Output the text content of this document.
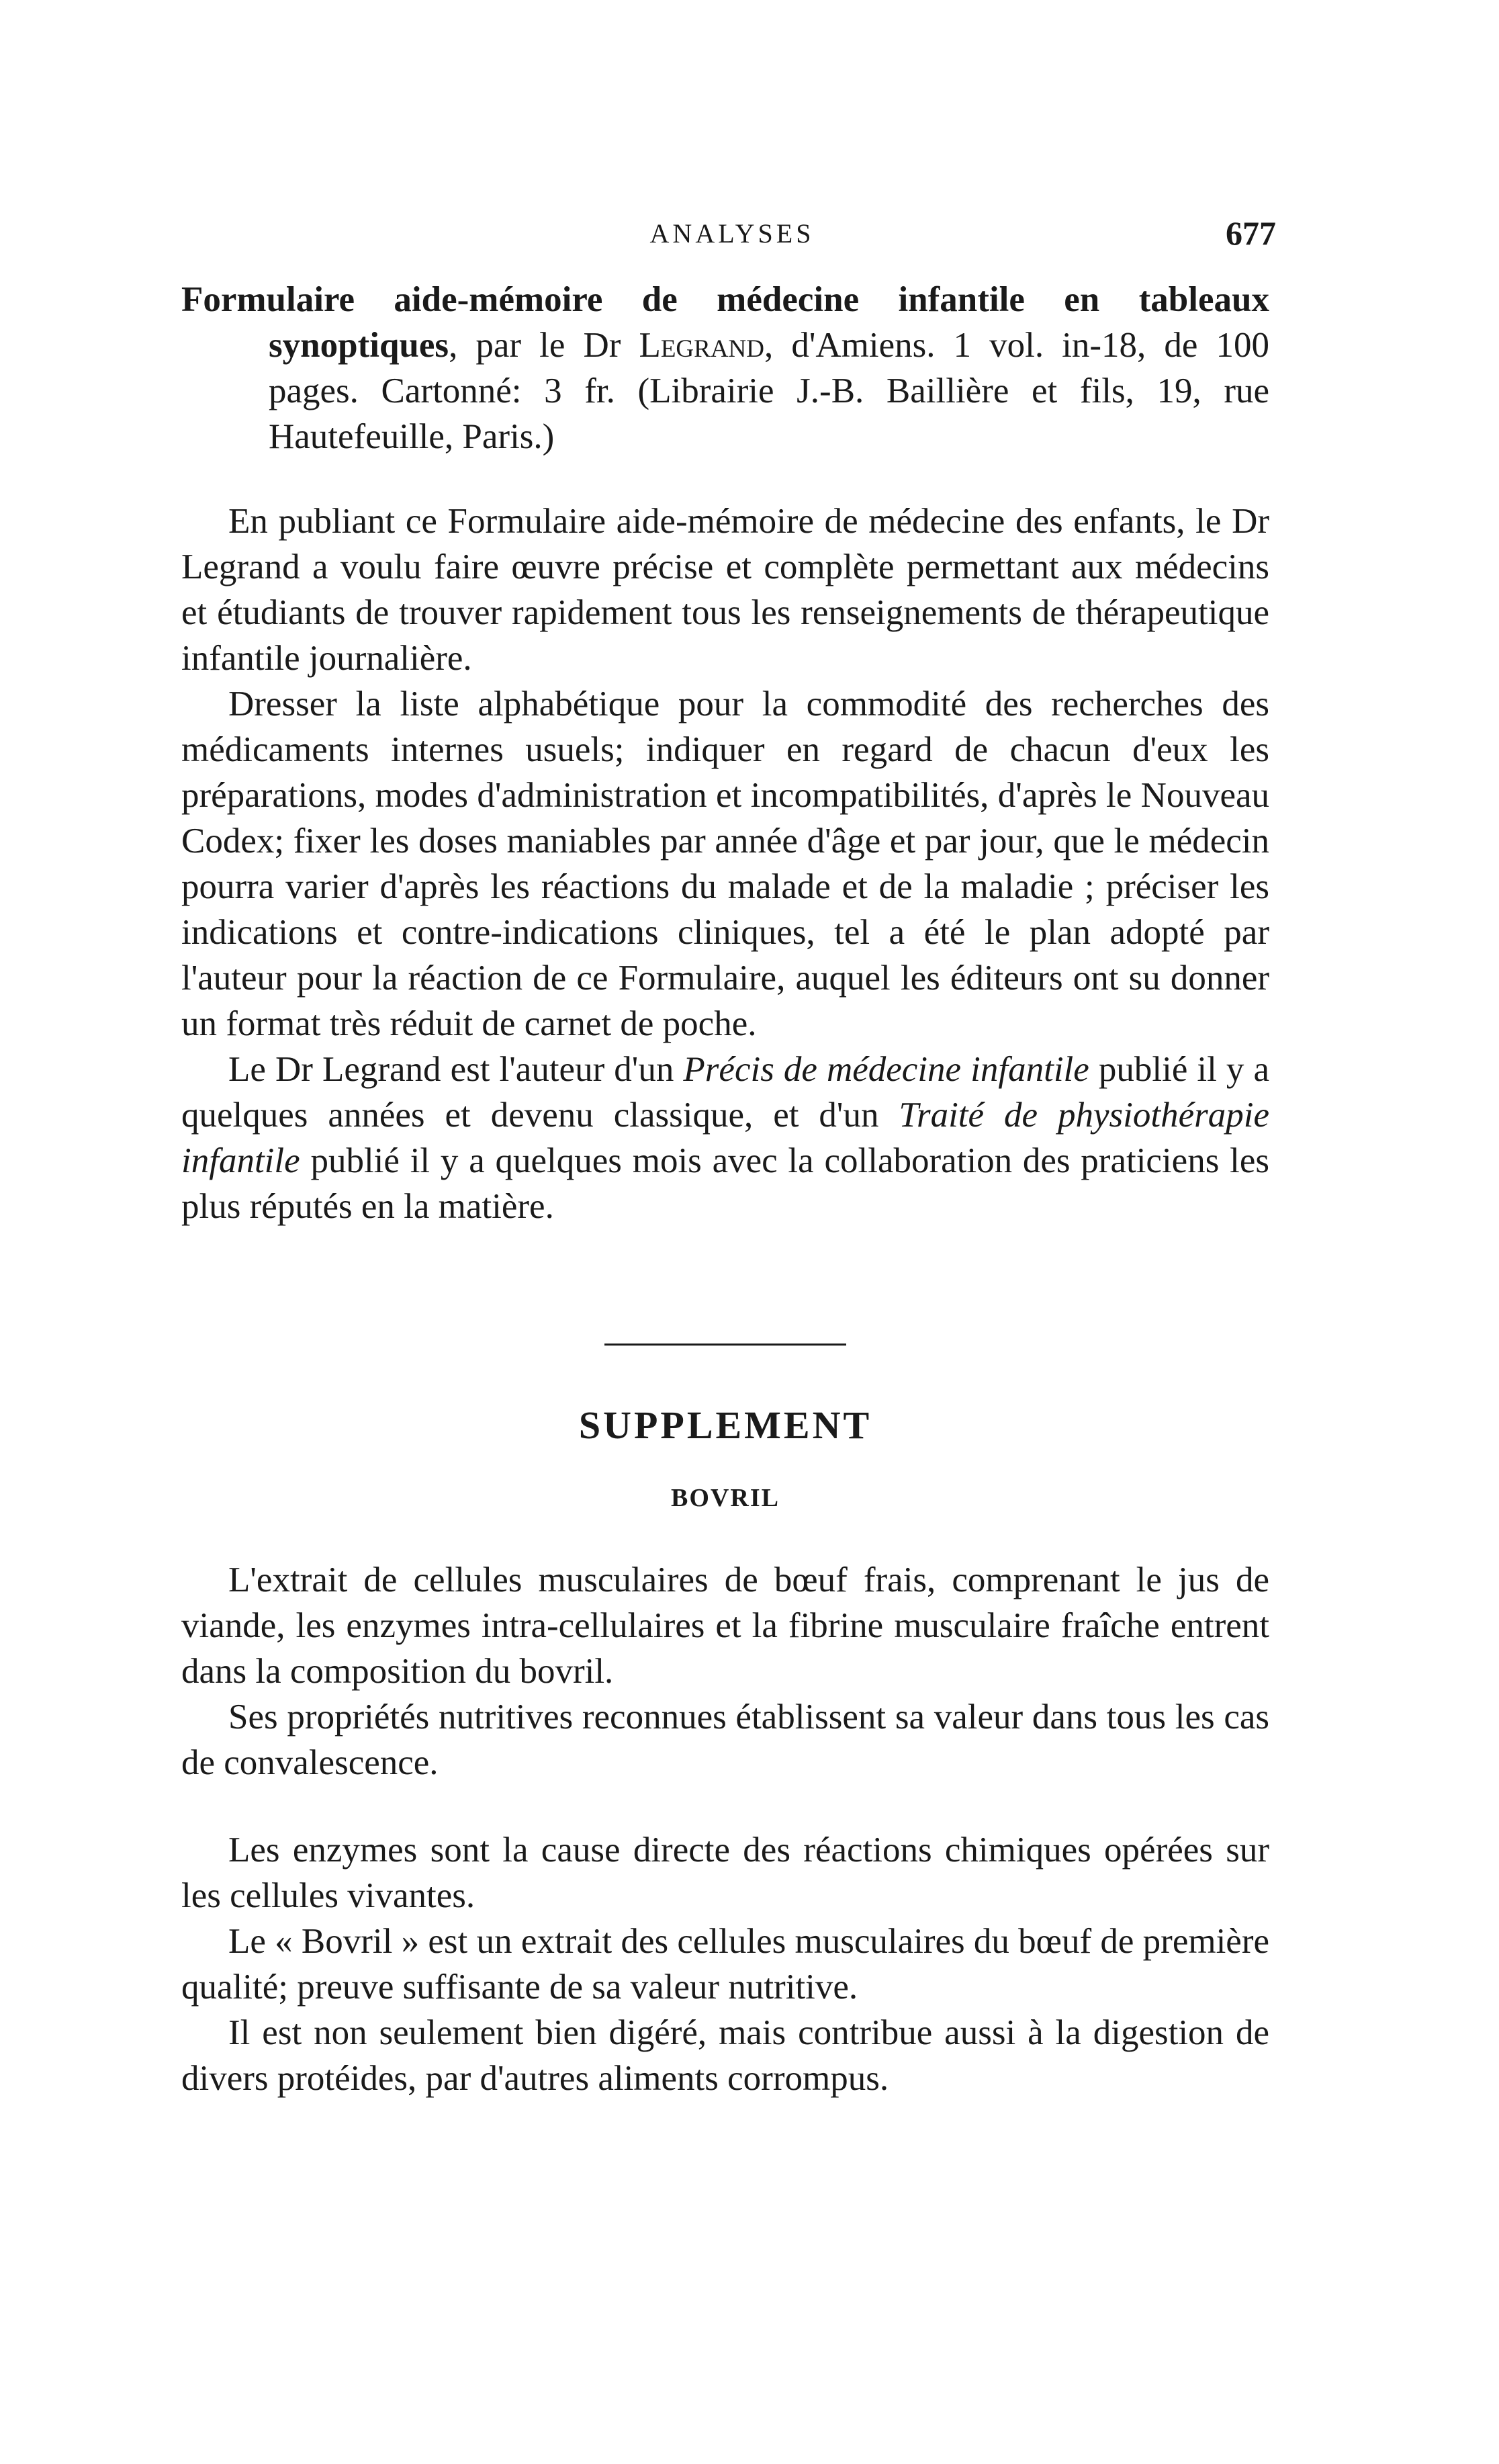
ANALYSES	677
Formulaire aide-mémoire de médecine infantile en tableaux synoptiques, par le Dr Legrand, d'Amiens. 1 vol. in-18, de 100 pages. Cartonné: 3 fr. (Librairie J.-B. Baillière et fils, 19, rue Hautefeuille, Paris.)

En publiant ce Formulaire aide-mémoire de médecine des enfants, le Dr Legrand a voulu faire œuvre précise et complète permettant aux médecins et étudiants de trouver rapidement tous les renseignements de thérapeutique infantile journalière.

Dresser la liste alphabétique pour la commodité des recherches des médicaments internes usuels; indiquer en regard de chacun d'eux les préparations, modes d'administration et incompatibilités, d'après le Nouveau Codex; fixer les doses maniables par année d'âge et par jour, que le médecin pourra varier d'après les réactions du malade et de la maladie ; préciser les indications et contre-indications cliniques, tel a été le plan adopté par l'auteur pour la réaction de ce Formulaire, auquel les éditeurs ont su donner un format très réduit de carnet de poche.

Le Dr Legrand est l'auteur d'un Précis de médecine infantile publié il y a quelques années et devenu classique, et d'un Traité de physiothérapie infantile publié il y a quelques mois avec la collaboration des praticiens les plus réputés en la matière.

SUPPLEMENT
BOVRIL

L'extrait de cellules musculaires de bœuf frais, comprenant le jus de viande, les enzymes intra-cellulaires et la fibrine musculaire fraîche entrent dans la composition du bovril.

Ses propriétés nutritives reconnues établissent sa valeur dans tous les cas de convalescence.

Les enzymes sont la cause directe des réactions chimiques opérées sur les cellules vivantes.

Le « Bovril » est un extrait des cellules musculaires du bœuf de première qualité; preuve suffisante de sa valeur nutritive.

Il est non seulement bien digéré, mais contribue aussi à la digestion de divers protéides, par d'autres aliments corrompus.
